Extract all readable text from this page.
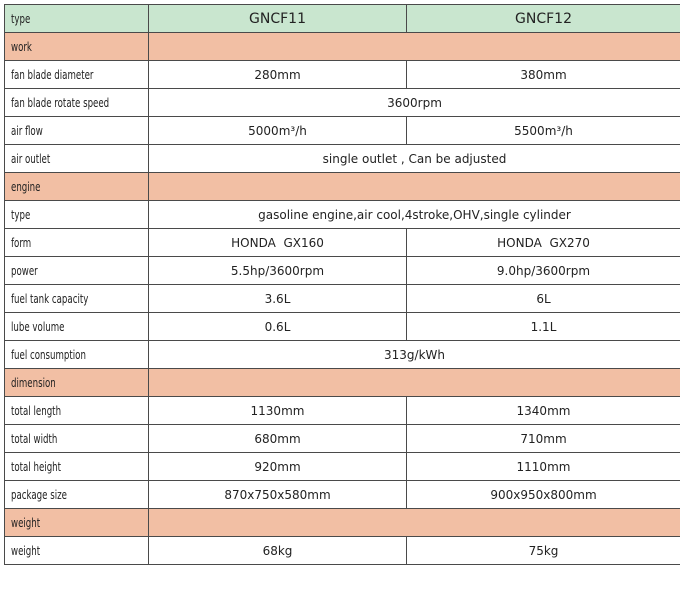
type	GNCF11	GNCF12
work		
fan blade diameter	280mm	380mm
fan blade rotate speed	3600rpm	
air flow	5000m³/h	5500m³/h
air outlet	single outlet , Can be adjusted	
engine		
type	gasoline engine,air cool,4stroke,OHV,single cylinder	
form	HONDA  GX160	HONDA  GX270
power	5.5hp/3600rpm	9.0hp/3600rpm
fuel tank capacity	3.6L	6L
lube volume	0.6L	1.1L
fuel consumption	313g/kWh	
dimension		
total length	1130mm	1340mm
total width	680mm	710mm
total height	920mm	1110mm
package size	870x750x580mm	900x950x800mm
weight		
weight	68kg	75kg
